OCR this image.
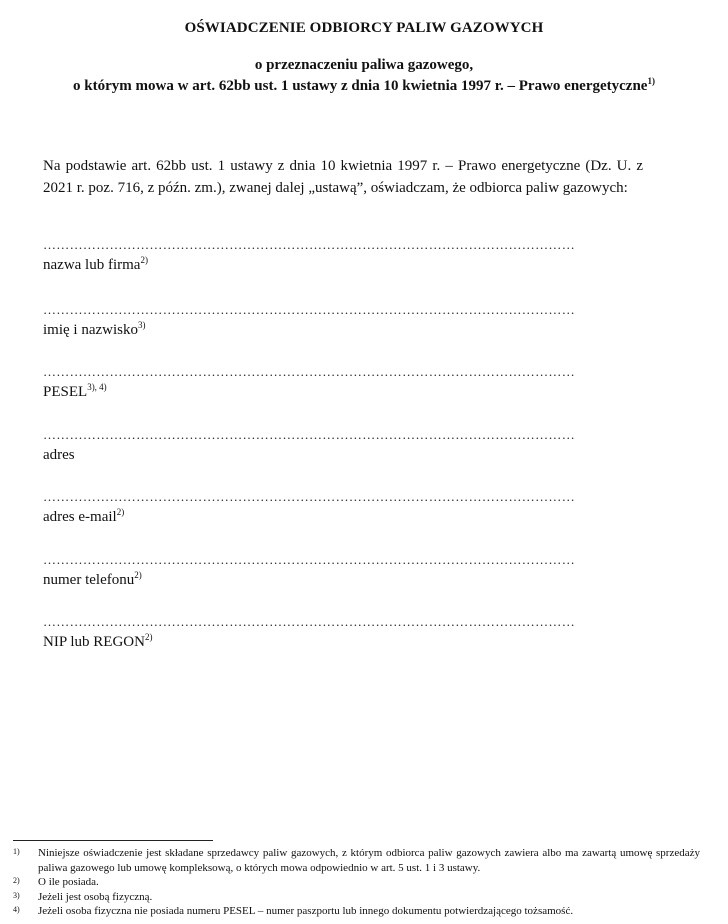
OŚWIADCZENIE ODBIORCY PALIW GAZOWYCH
o przeznaczeniu paliwa gazowego,
o którym mowa w art. 62bb ust. 1 ustawy z dnia 10 kwietnia 1997 r. – Prawo energetyczne$^{1)}$
Na podstawie art. 62bb ust. 1 ustawy z dnia 10 kwietnia 1997 r. – Prawo energetyczne (Dz. U. z 2021 r. poz. 716, z późn. zm.), zwanej dalej „ustawą”, oświadczam, że odbiorca paliw gazowych:
…………………………………………………………………………………………………………
nazwa lub firma$^{2)}$
…………………………………………………………………………………………………………
imię i nazwisko$^{3)}$
…………………………………………………………………………………………………………
$PESEL^{3), 4)}$
…………………………………………………………………………………………………………
adres
…………………………………………………………………………………………………………
adres e-mail$^{2)}$
…………………………………………………………………………………………………………
numer telefonu$^{2)}$
…………………………………………………………………………………………………………
NIP lub REGON$^{2)}$
1)	Niniejsze oświadczenie jest składane sprzedawcy paliw gazowych, z którym odbiorca paliw gazowych zawiera albo ma zawartą umowę sprzedaży paliwa gazowego lub umowę kompleksową, o których mowa odpowiednio w art. 5 ust. 1 i 3 ustawy.
2)	O ile posiada.
3)	Jeżeli jest osobą fizyczną.
4)	Jeżeli osoba fizyczna nie posiada numeru PESEL – numer paszportu lub innego dokumentu potwierdzającego tożsamość.
